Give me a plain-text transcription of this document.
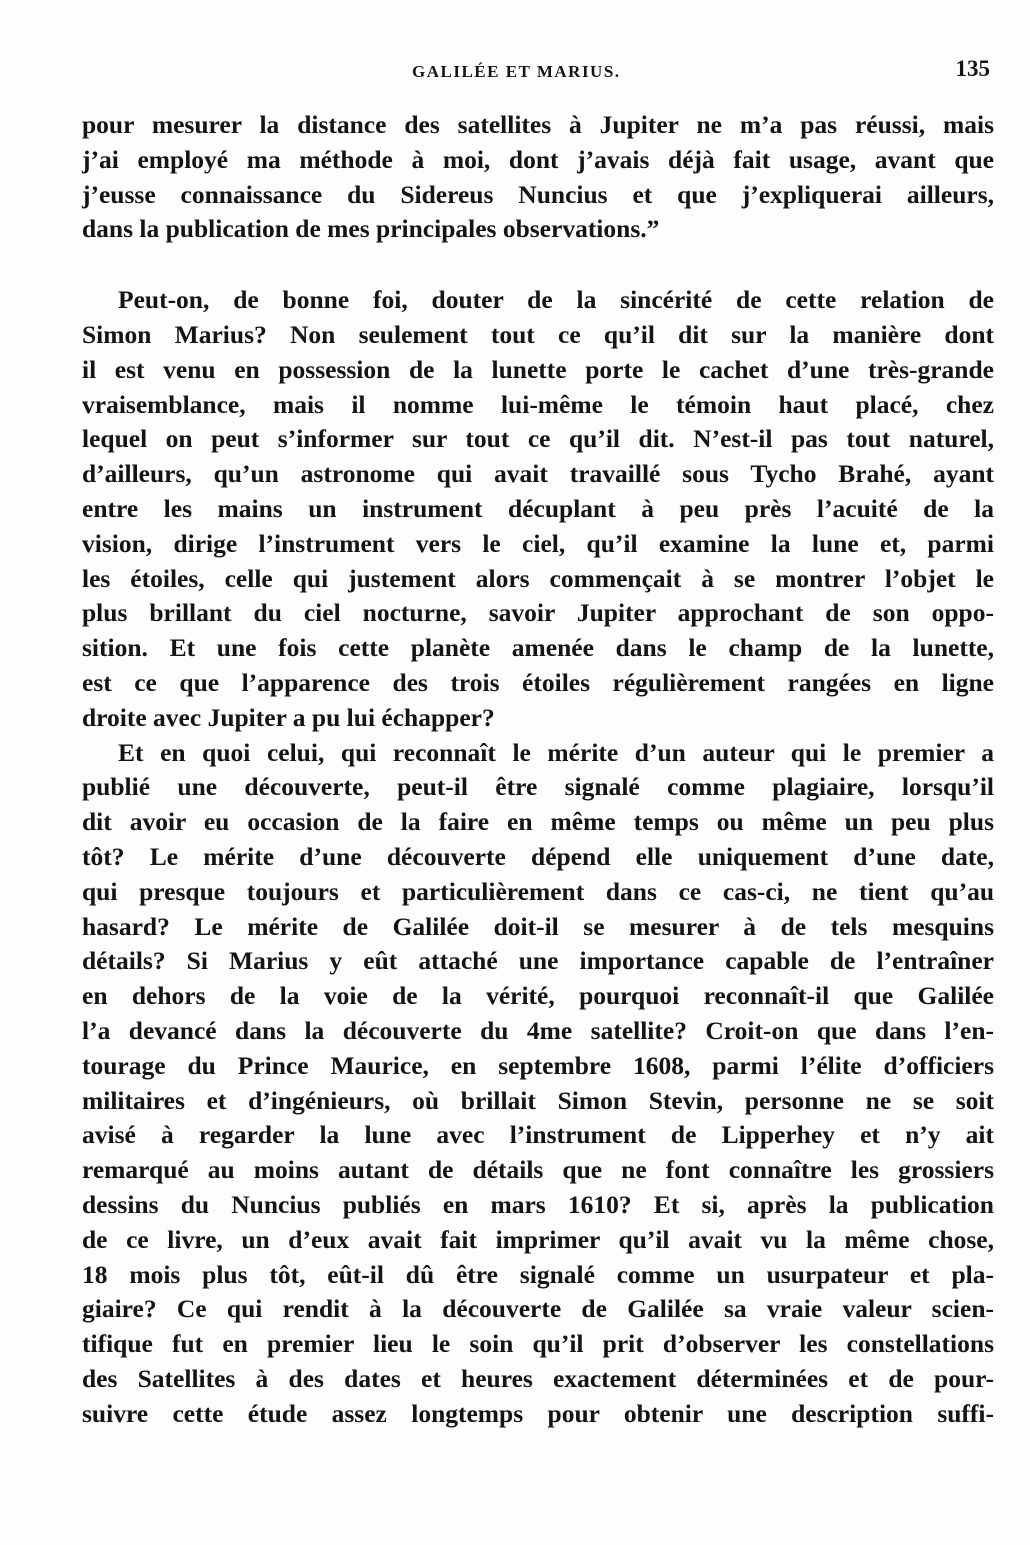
GALILÉE ET MARIUS.	135
pour mesurer la distance des satellites à Jupiter ne m’a pas réussi, mais
j’ai employé ma méthode à moi, dont j’avais déjà fait usage, avant que
j’eusse connaissance du Sidereus Nuncius et que j’expliquerai ailleurs,
dans la publication de mes principales observations.”
Peut-on, de bonne foi, douter de la sincérité de cette relation de
Simon Marius? Non seulement tout ce qu’il dit sur la manière dont
il est venu en possession de la lunette porte le cachet d’une très-grande
vraisemblance, mais il nomme lui-même le témoin haut placé, chez
lequel on peut s’informer sur tout ce qu’il dit. N’est-il pas tout naturel,
d’ailleurs, qu’un astronome qui avait travaillé sous Tycho Brahé, ayant
entre les mains un instrument décuplant à peu près l’acuité de la
vision, dirige l’instrument vers le ciel, qu’il examine la lune et, parmi
les étoiles, celle qui justement alors commençait à se montrer l’objet le
plus brillant du ciel nocturne, savoir Jupiter approchant de son oppo-
sition. Et une fois cette planète amenée dans le champ de la lunette,
est ce que l’apparence des trois étoiles régulièrement rangées en ligne
droite avec Jupiter a pu lui échapper?
Et en quoi celui, qui reconnaît le mérite d’un auteur qui le premier a
publié une découverte, peut-il être signalé comme plagiaire, lorsqu’il
dit avoir eu occasion de la faire en même temps ou même un peu plus
tôt? Le mérite d’une découverte dépend elle uniquement d’une date,
qui presque toujours et particulièrement dans ce cas-ci, ne tient qu’au
hasard? Le mérite de Galilée doit-il se mesurer à de tels mesquins
détails? Si Marius y eût attaché une importance capable de l’entraîner
en dehors de la voie de la vérité, pourquoi reconnaît-il que Galilée
l’a devancé dans la découverte du 4me satellite? Croit-on que dans l’en-
tourage du Prince Maurice, en septembre 1608, parmi l’élite d’officiers
militaires et d’ingénieurs, où brillait Simon Stevin, personne ne se soit
avisé à regarder la lune avec l’instrument de Lipperhey et n’y ait
remarqué au moins autant de détails que ne font connaître les grossiers
dessins du Nuncius publiés en mars 1610? Et si, après la publication
de ce livre, un d’eux avait fait imprimer qu’il avait vu la même chose,
18 mois plus tôt, eût-il dû être signalé comme un usurpateur et pla-
giaire? Ce qui rendit à la découverte de Galilée sa vraie valeur scien-
tifique fut en premier lieu le soin qu’il prit d’observer les constellations
des Satellites à des dates et heures exactement déterminées et de pour-
suivre cette étude assez longtemps pour obtenir une description suffi-
